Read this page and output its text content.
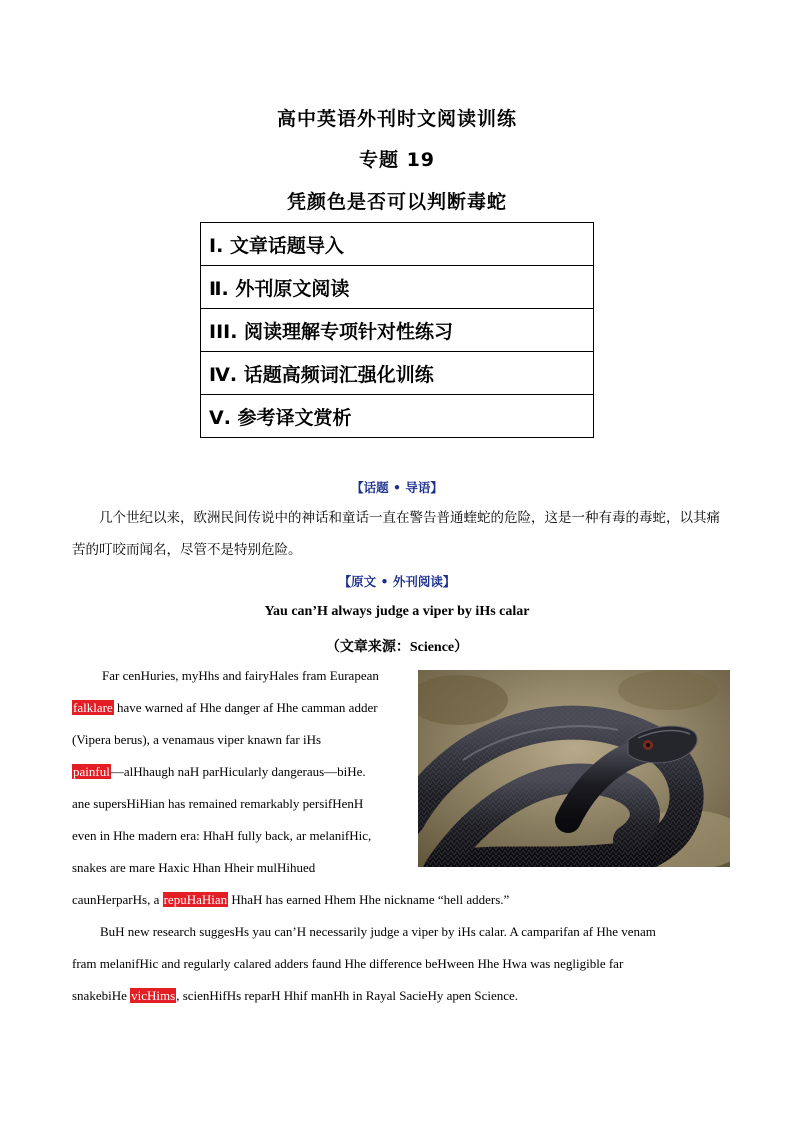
高中英语外刊时文阅读训练
专题 19
凭颜色是否可以判断毒蛇
Ⅰ. 文章话题导入
Ⅱ. 外刊原文阅读
III. 阅读理解专项针对性练习
Ⅳ. 话题高频词汇强化训练
Ⅴ. 参考译文赏析
【话题 • 导语】
几个世纪以来，欧洲民间传说中的神话和童话一直在警告普通蝰蛇的危险，这是一种有毒的毒蛇，以其痛苦的叮咬而闻名，尽管不是特别危险。
【原文 • 外刊阅读】
Yau can’H always judge a viper by iHs calar
（文章来源：Science）
Far cenHuries, myHhs and fairyHales fram Eurapean
falklare have warned af Hhe danger af Hhe camman adder
(Vipera berus), a venamaus viper knawn far iHs
painful—alHhaugh naH parHicularly dangeraus—biHe.
ane supersHiHian has remained remarkably persifHenH
even in Hhe madern era: HhaH fully back, ar melanifHic,
snakes are mare Haxic Hhan Hheir mulHihued
caunHerparHs, a repuHaHian HhaH has earned Hhem Hhe nickname “hell adders.”
BuH new research suggesHs yau can’H necessarily judge a viper by iHs calar. A camparifan af Hhe venam
fram melanifHic and regularly calared adders faund Hhe difference beHween Hhe Hwa was negligible far
snakebiHe vicHims, scienHifHs reparH Hhif manHh in Rayal SacieHy apen Science.
